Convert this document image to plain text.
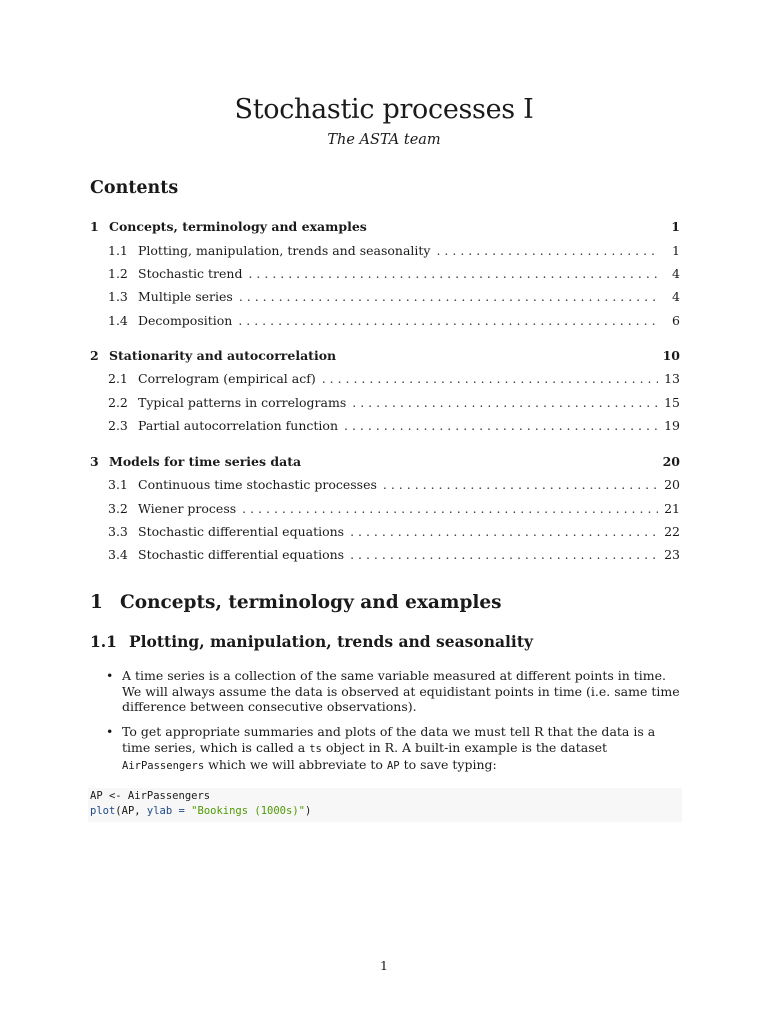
Stochastic processes I
The ASTA team
Contents
1 Concepts, terminology and examples	1
1.1 Plotting, manipulation, trends and seasonality . . .	1
1.2 Stochastic trend . . .	4
1.3 Multiple series . . .	4
1.4 Decomposition . . .	6
2 Stationarity and autocorrelation	10
2.1 Correlogram (empirical acf) . . .	13
2.2 Typical patterns in correlograms . . .	15
2.3 Partial autocorrelation function . . .	19
3 Models for time series data	20
3.1 Continuous time stochastic processes . . .	20
3.2 Wiener process . . .	21
3.3 Stochastic differential equations . . .	22
3.4 Stochastic differential equations . . .	23
1 Concepts, terminology and examples
1.1 Plotting, manipulation, trends and seasonality
• A time series is a collection of the same variable measured at different points in time. We will always assume the data is observed at equidistant points in time (i.e. same time difference between consecutive observations).
• To get appropriate summaries and plots of the data we must tell R that the data is a time series, which is called a ts object in R. A built-in example is the dataset AirPassengers which we will abbreviate to AP to save typing:
AP <- AirPassengers
plot(AP, ylab = "Bookings (1000s)")
1
